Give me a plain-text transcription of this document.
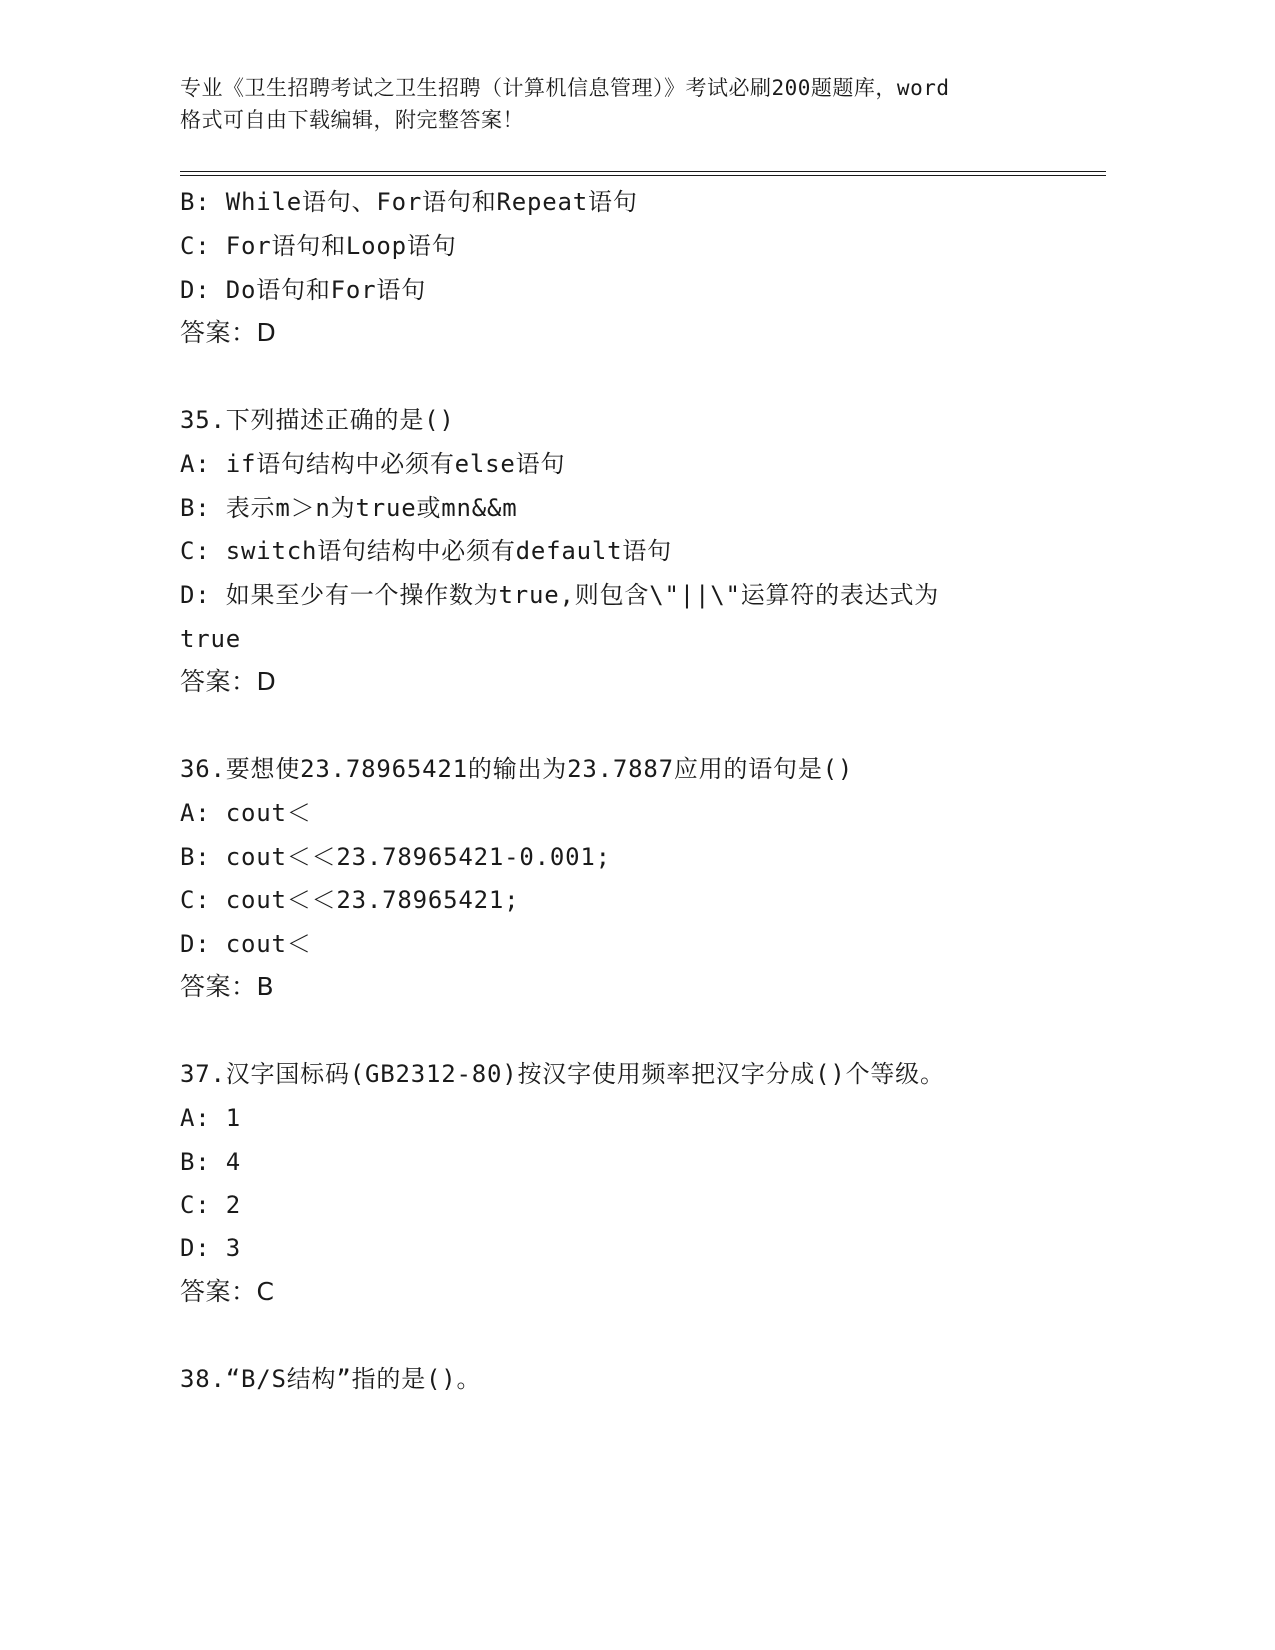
专业《卫生招聘考试之卫生招聘（计算机信息管理）》考试必刷200题题库，word
格式可自由下载编辑，附完整答案！
B: While语句、For语句和Repeat语句
C: For语句和Loop语句
D: Do语句和For语句
答案：D
35.下列描述正确的是()
A: if语句结构中必须有else语句
B: 表示m＞n为true或mn&&m
C: switch语句结构中必须有default语句
D: 如果至少有一个操作数为true,则包含\"||\"运算符的表达式为
true
答案：D
36.要想使23.78965421的输出为23.7887应用的语句是()
A: cout＜
B: cout＜＜23.78965421-0.001;
C: cout＜＜23.78965421;
D: cout＜
答案：B
37.汉字国标码(GB2312-80)按汉字使用频率把汉字分成()个等级。
A: 1
B: 4
C: 2
D: 3
答案：C
38.“B/S结构”指的是()。
